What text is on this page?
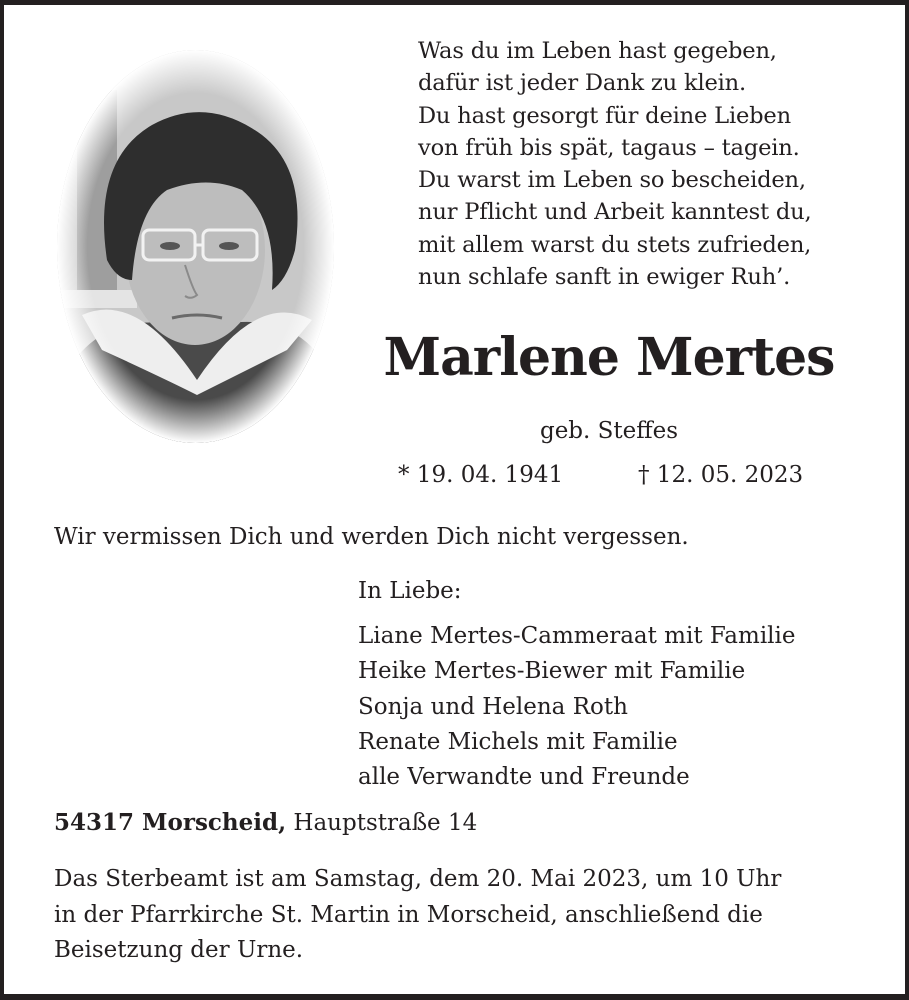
Was du im Leben hast gegeben,
dafür ist jeder Dank zu klein.
Du hast gesorgt für deine Lieben
von früh bis spät, tagaus – tagein.
Du warst im Leben so bescheiden,
nur Pflicht und Arbeit kanntest du,
mit allem warst du stets zufrieden,
nun schlafe sanft in ewiger Ruh’.
Marlene Mertes
geb. Steffes
* 19. 04. 1941	† 12. 05. 2023
Wir vermissen Dich und werden Dich nicht vergessen.
In Liebe:
Liane Mertes-Cammeraat mit Familie
Heike Mertes-Biewer mit Familie
Sonja und Helena Roth
Renate Michels mit Familie
alle Verwandte und Freunde
54317 Morscheid, Hauptstraße 14
Das Sterbeamt ist am Samstag, dem 20. Mai 2023, um 10 Uhr
in der Pfarrkirche St. Martin in Morscheid, anschließend die
Beisetzung der Urne.
